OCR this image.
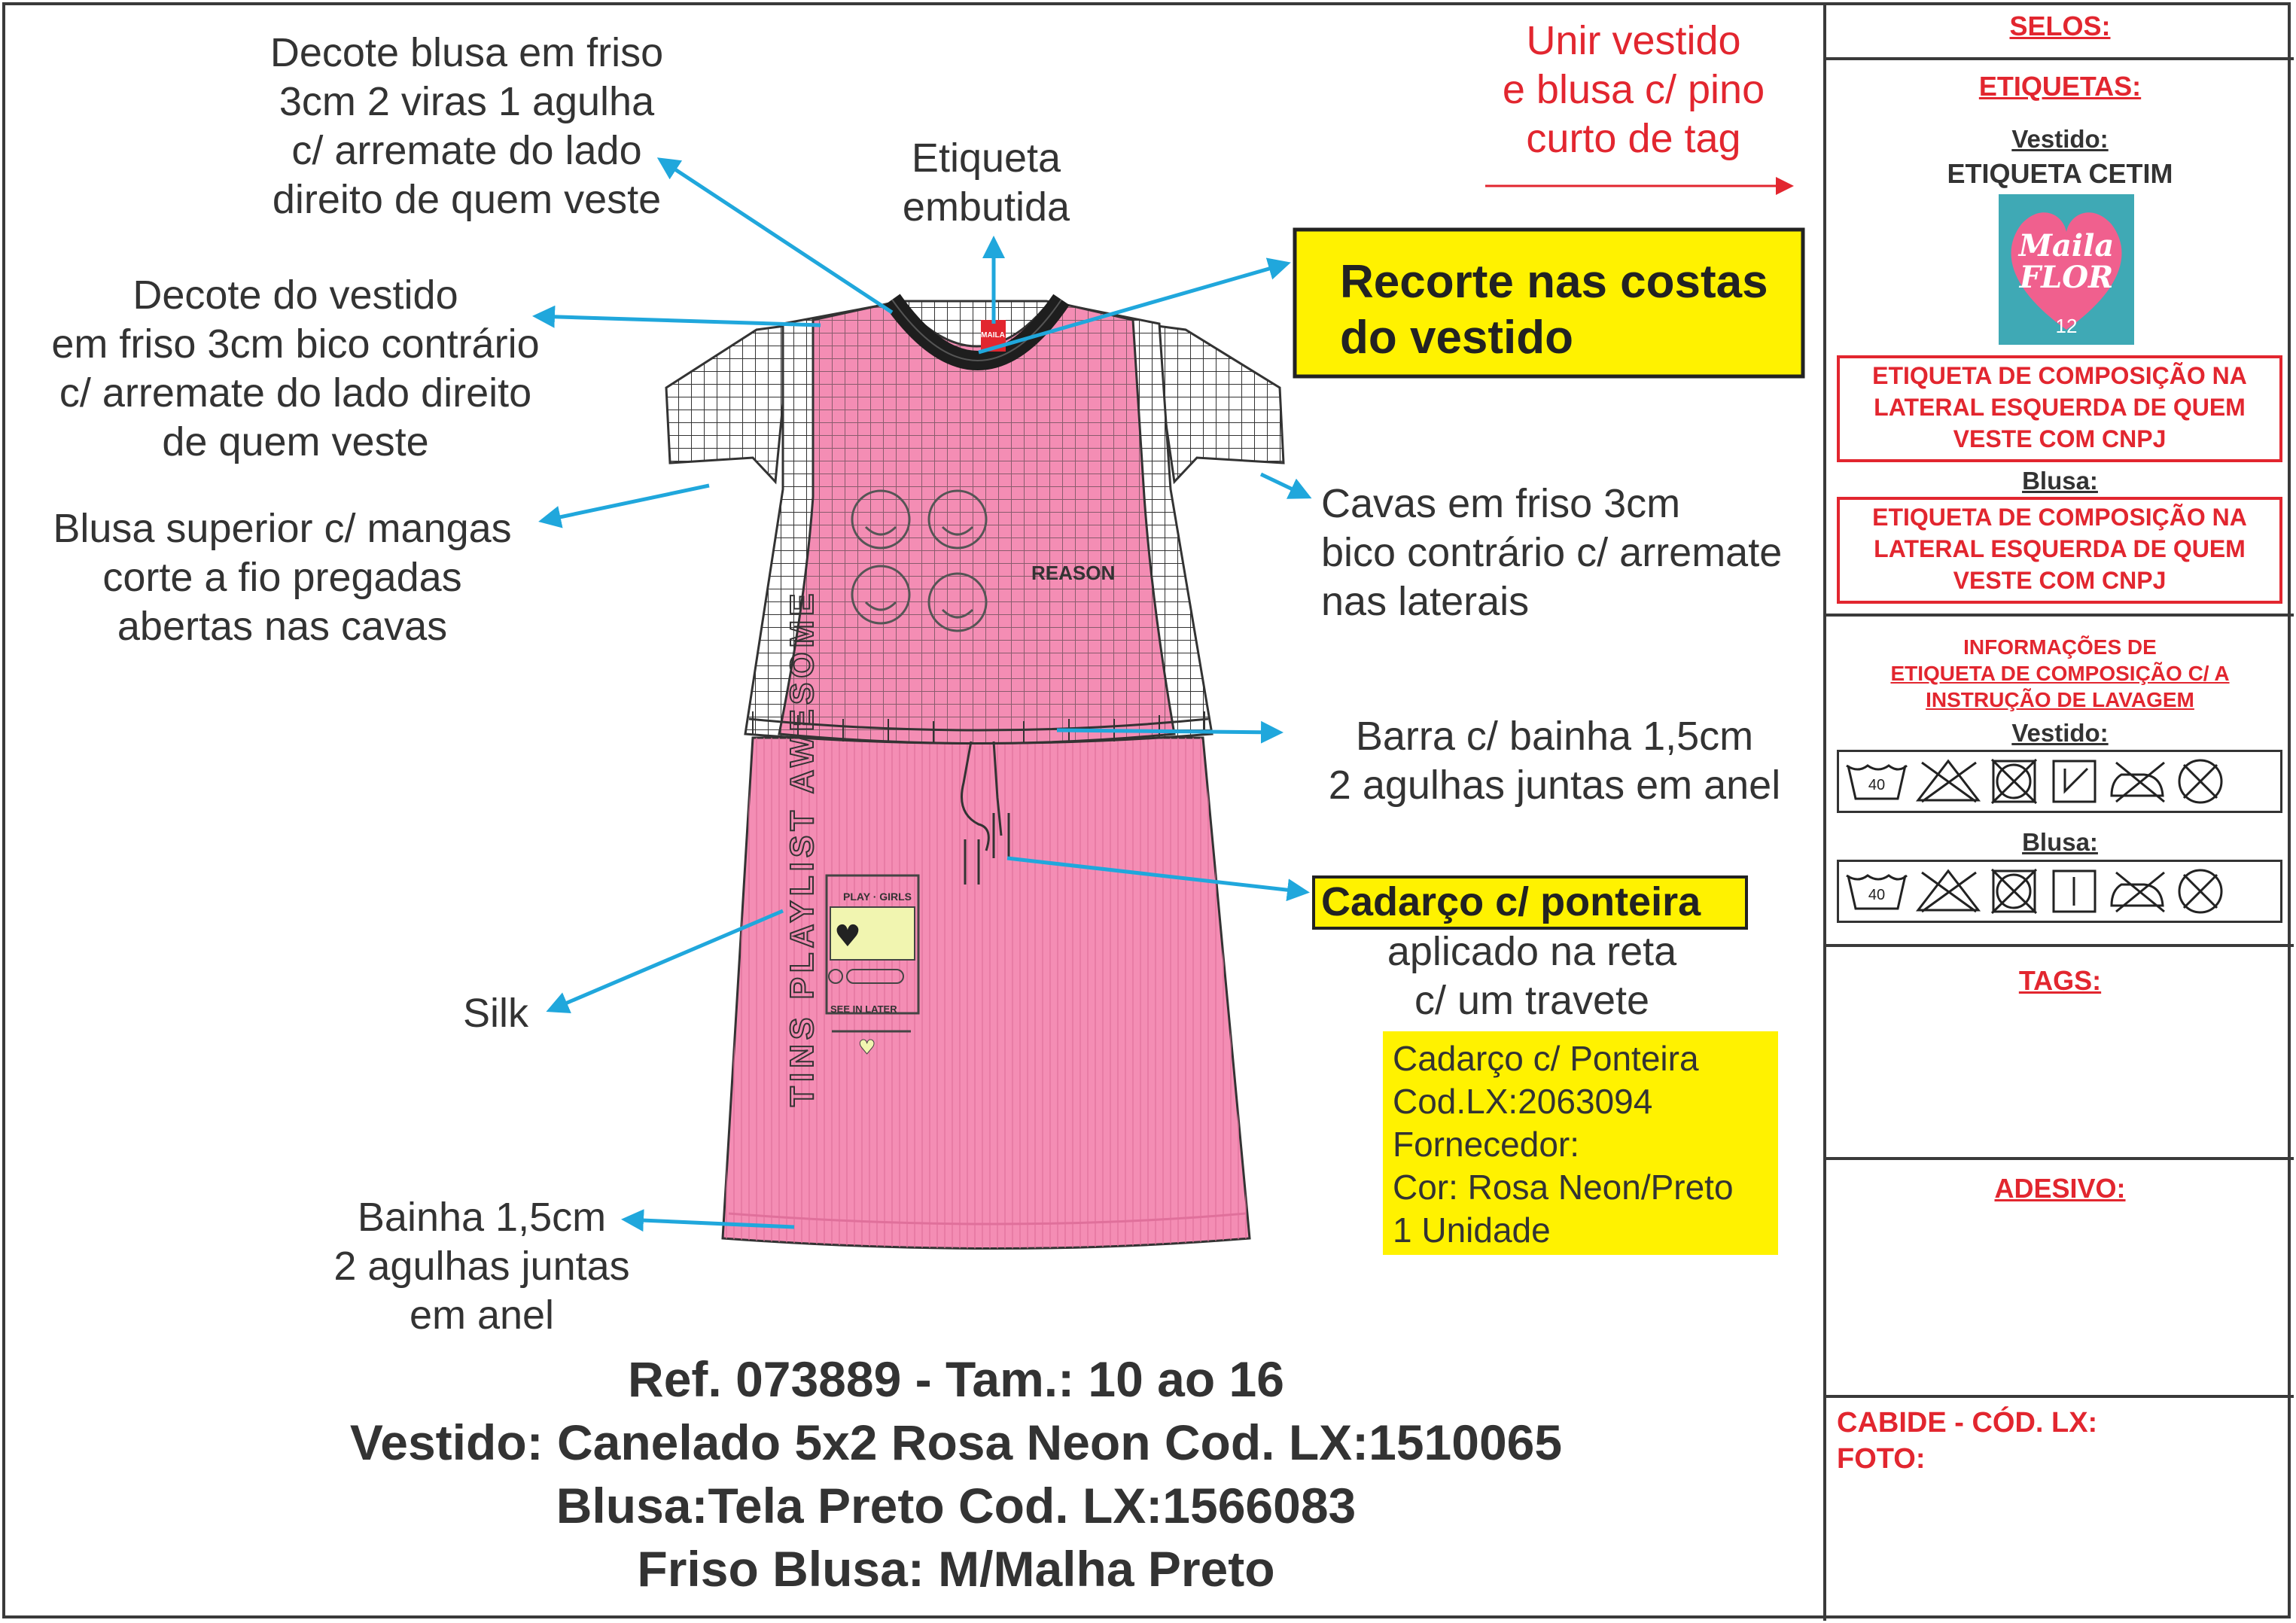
REASON
TINS PLAYLIST AWESOME PLAY · GIRLS
♥
SEE IN LATER
♥
MAILA
Decote blusa em friso
3cm 2 viras 1 agulha
c/ arremate do lado
direito de quem veste
Etiqueta
embutida
Unir vestido
e blusa c/ pino
curto de tag
Decote do vestido
em friso 3cm bico contrário
c/ arremate do lado direito
de quem veste
Recorte nas costas
do vestido
Blusa superior c/ mangas
corte a fio pregadas
abertas nas cavas
Cavas em friso 3cm
bico contrário c/ arremate
nas laterais
Barra c/ bainha 1,5cm
2 agulhas juntas em anel
Cadarço c/ ponteira
aplicado na reta
c/ um travete
Silk
Bainha 1,5cm
2 agulhas juntas
em anel
Cadarço c/ Ponteira
Cod.LX:2063094
Fornecedor:
Cor: Rosa Neon/Preto
1 Unidade
Ref. 073889 - Tam.: 10 ao 16
Vestido: Canelado 5x2 Rosa Neon Cod. LX:1510065
Blusa:Tela Preto Cod. LX:1566083
Friso Blusa: M/Malha Preto
SELOS:
ETIQUETAS:
Vestido:
ETIQUETA CETIM
Maila
FLOR
12
ETIQUETA DE COMPOSIÇÃO NA
LATERAL ESQUERDA DE QUEM
VESTE COM CNPJ
Blusa:
ETIQUETA DE COMPOSIÇÃO NA
LATERAL ESQUERDA DE QUEM
VESTE COM CNPJ
INFORMAÇÕES DE
ETIQUETA DE COMPOSIÇÃO C/ A
INSTRUÇÃO DE LAVAGEM
Vestido:
40
Blusa:
40
TAGS:
ADESIVO:
CABIDE - CÓD. LX:
FOTO:
